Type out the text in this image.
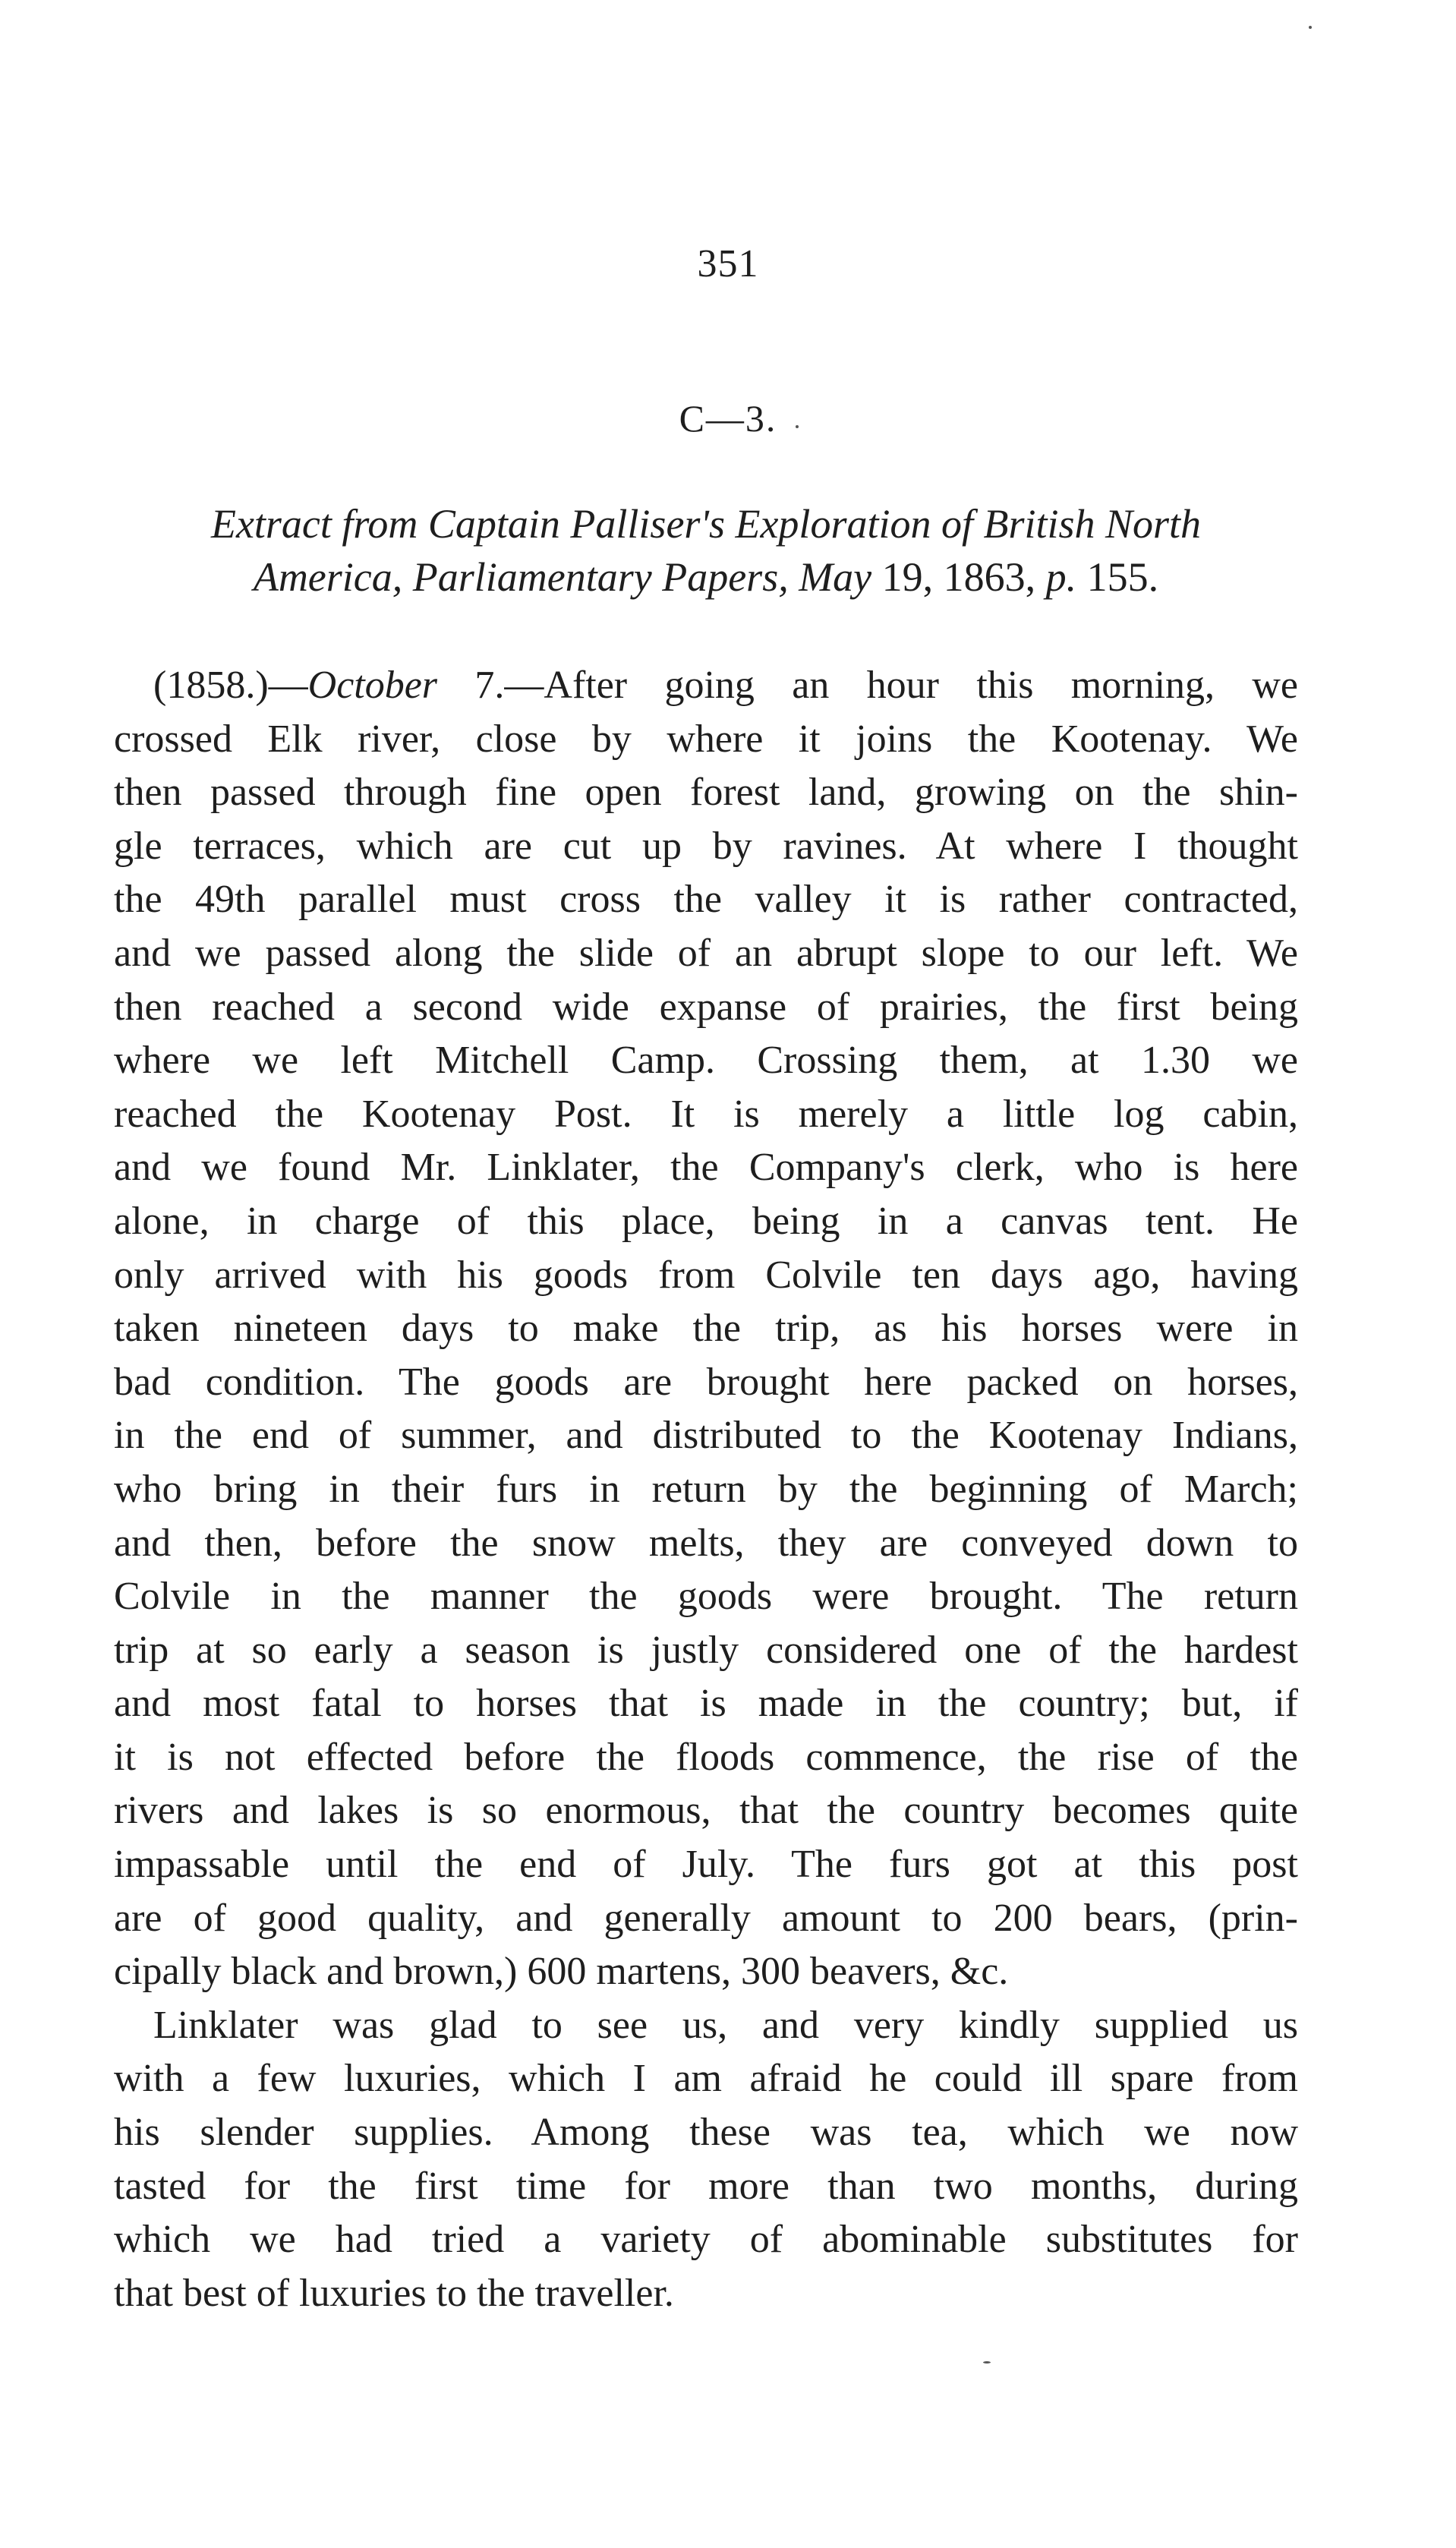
351
C—3.
Extract from Captain Palliser's Exploration of British North
America, Parliamentary Papers, May 19, 1863, p. 155.

(1858.)—October 7.—After going an hour this morning, we
crossed Elk river, close by where it joins the Kootenay. We
then passed through fine open forest land, growing on the shin-
gle terraces, which are cut up by ravines. At where I thought
the 49th parallel must cross the valley it is rather contracted,
and we passed along the slide of an abrupt slope to our left. We
then reached a second wide expanse of prairies, the first being
where we left Mitchell Camp. Crossing them, at 1.30 we
reached the Kootenay Post. It is merely a little log cabin,
and we found Mr. Linklater, the Company's clerk, who is here
alone, in charge of this place, being in a canvas tent. He
only arrived with his goods from Colvile ten days ago, having
taken nineteen days to make the trip, as his horses were in
bad condition. The goods are brought here packed on horses,
in the end of summer, and distributed to the Kootenay Indians,
who bring in their furs in return by the beginning of March;
and then, before the snow melts, they are conveyed down to
Colvile in the manner the goods were brought. The return
trip at so early a season is justly considered one of the hardest
and most fatal to horses that is made in the country; but, if
it is not effected before the floods commence, the rise of the
rivers and lakes is so enormous, that the country becomes quite
impassable until the end of July. The furs got at this post
are of good quality, and generally amount to 200 bears, (prin-
cipally black and brown,) 600 martens, 300 beavers, &c.

Linklater was glad to see us, and very kindly supplied us
with a few luxuries, which I am afraid he could ill spare from
his slender supplies. Among these was tea, which we now
tasted for the first time for more than two months, during
which we had tried a variety of abominable substitutes for
that best of luxuries to the traveller.
